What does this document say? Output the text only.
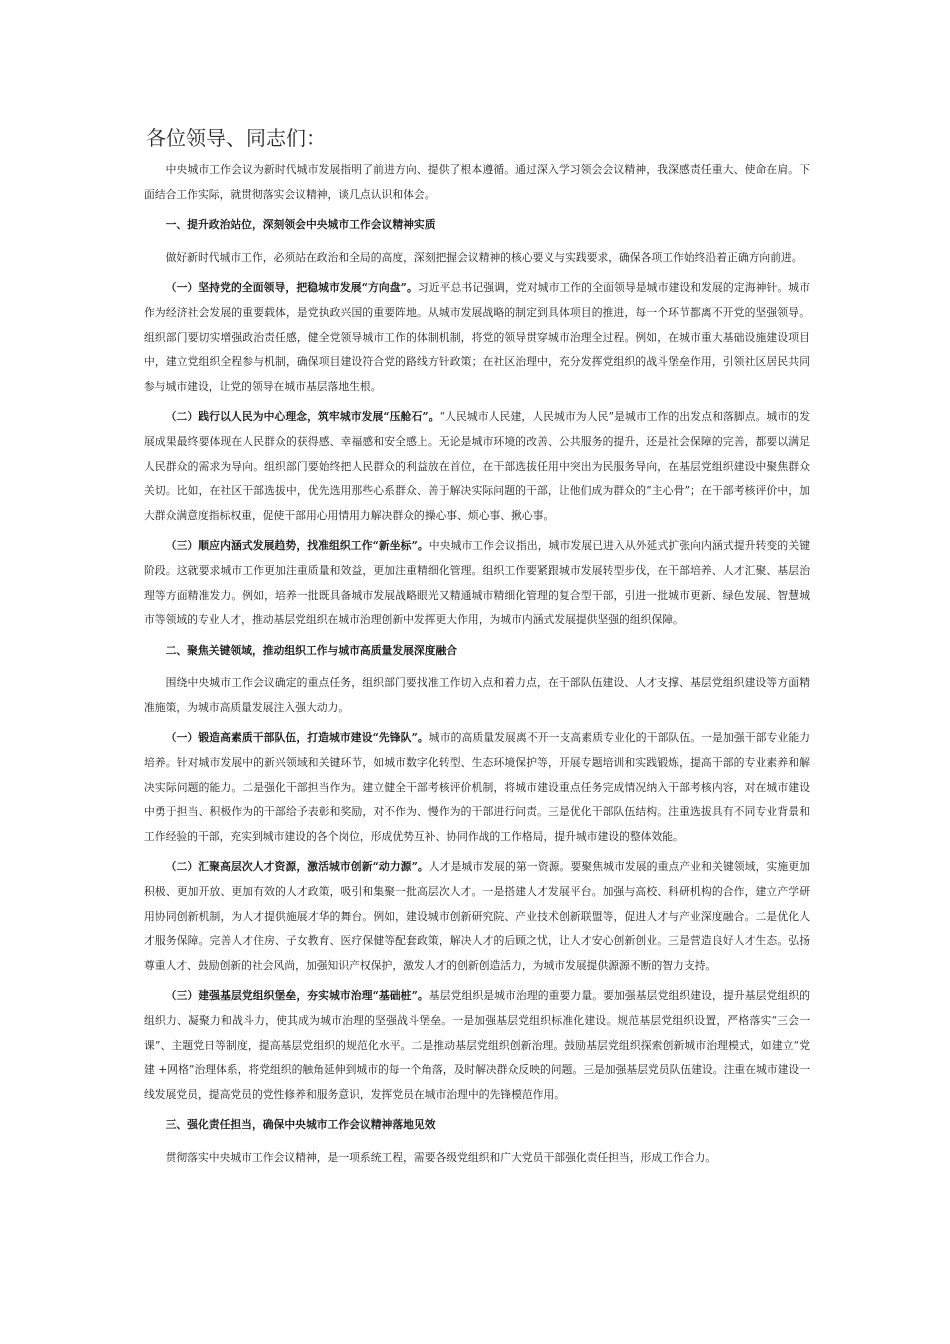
各位领导、同志们：

中央城市工作会议为新时代城市发展指明了前进方向、提供了根本遵循。通过深入学习领会会议精神，我深感责任重大、使命在肩。下面结合工作实际，就贯彻落实会议精神，谈几点认识和体会。

一、提升政治站位，深刻领会中央城市工作会议精神实质

做好新时代城市工作，必须站在政治和全局的高度，深刻把握会议精神的核心要义与实践要求，确保各项工作始终沿着正确方向前进。

（一）坚持党的全面领导，把稳城市发展“方向盘”。习近平总书记强调，党对城市工作的全面领导是城市建设和发展的定海神针。城市作为经济社会发展的重要载体，是党执政兴国的重要阵地。从城市发展战略的制定到具体项目的推进，每一个环节都离不开党的坚强领导。组织部门要切实增强政治责任感，健全党领导城市工作的体制机制，将党的领导贯穿城市治理全过程。例如，在城市重大基础设施建设项目中，建立党组织全程参与机制，确保项目建设符合党的路线方针政策；在社区治理中，充分发挥党组织的战斗堡垒作用，引领社区居民共同参与城市建设，让党的领导在城市基层落地生根。

（二）践行以人民为中心理念，筑牢城市发展“压舱石”。“人民城市人民建，人民城市为人民”是城市工作的出发点和落脚点。城市的发展成果最终要体现在人民群众的获得感、幸福感和安全感上。无论是城市环境的改善、公共服务的提升，还是社会保障的完善，都要以满足人民群众的需求为导向。组织部门要始终把人民群众的利益放在首位，在干部选拔任用中突出为民服务导向，在基层党组织建设中聚焦群众关切。比如，在社区干部选拔中，优先选用那些心系群众、善于解决实际问题的干部，让他们成为群众的“主心骨”；在干部考核评价中，加大群众满意度指标权重，促使干部用心用情用力解决群众的操心事、烦心事、揪心事。

（三）顺应内涵式发展趋势，找准组织工作“新坐标”。中央城市工作会议指出，城市发展已进入从外延式扩张向内涵式提升转变的关键阶段。这就要求城市工作更加注重质量和效益，更加注重精细化管理。组织工作要紧跟城市发展转型步伐，在干部培养、人才汇聚、基层治理等方面精准发力。例如，培养一批既具备城市发展战略眼光又精通城市精细化管理的复合型干部，引进一批城市更新、绿色发展、智慧城市等领域的专业人才，推动基层党组织在城市治理创新中发挥更大作用，为城市内涵式发展提供坚强的组织保障。

二、聚焦关键领域，推动组织工作与城市高质量发展深度融合

围绕中央城市工作会议确定的重点任务，组织部门要找准工作切入点和着力点，在干部队伍建设、人才支撑、基层党组织建设等方面精准施策，为城市高质量发展注入强大动力。

（一）锻造高素质干部队伍，打造城市建设“先锋队”。城市的高质量发展离不开一支高素质专业化的干部队伍。一是加强干部专业能力培养。针对城市发展中的新兴领域和关键环节，如城市数字化转型、生态环境保护等，开展专题培训和实践锻炼，提高干部的专业素养和解决实际问题的能力。二是强化干部担当作为。建立健全干部考核评价机制，将城市建设重点任务完成情况纳入干部考核内容，对在城市建设中勇于担当、积极作为的干部给予表彰和奖励，对不作为、慢作为的干部进行问责。三是优化干部队伍结构。注重选拔具有不同专业背景和工作经验的干部，充实到城市建设的各个岗位，形成优势互补、协同作战的工作格局，提升城市建设的整体效能。

（二）汇聚高层次人才资源，激活城市创新“动力源”。人才是城市发展的第一资源。要聚焦城市发展的重点产业和关键领域，实施更加积极、更加开放、更加有效的人才政策，吸引和集聚一批高层次人才。一是搭建人才发展平台。加强与高校、科研机构的合作，建立产学研用协同创新机制，为人才提供施展才华的舞台。例如，建设城市创新研究院、产业技术创新联盟等，促进人才与产业深度融合。二是优化人才服务保障。完善人才住房、子女教育、医疗保健等配套政策，解决人才的后顾之忧，让人才安心创新创业。三是营造良好人才生态。弘扬尊重人才、鼓励创新的社会风尚，加强知识产权保护，激发人才的创新创造活力，为城市发展提供源源不断的智力支持。

（三）建强基层党组织堡垒，夯实城市治理“基础桩”。基层党组织是城市治理的重要力量。要加强基层党组织建设，提升基层党组织的组织力、凝聚力和战斗力，使其成为城市治理的坚强战斗堡垒。一是加强基层党组织标准化建设。规范基层党组织设置，严格落实“三会一课”、主题党日等制度，提高基层党组织的规范化水平。二是推动基层党组织创新治理。鼓励基层党组织探索创新城市治理模式，如建立“党建 +网格”治理体系，将党组织的触角延伸到城市的每一个角落，及时解决群众反映的问题。三是加强基层党员队伍建设。注重在城市建设一线发展党员，提高党员的党性修养和服务意识，发挥党员在城市治理中的先锋模范作用。

三、强化责任担当，确保中央城市工作会议精神落地见效

贯彻落实中央城市工作会议精神，是一项系统工程，需要各级党组织和广大党员干部强化责任担当，形成工作合力。
